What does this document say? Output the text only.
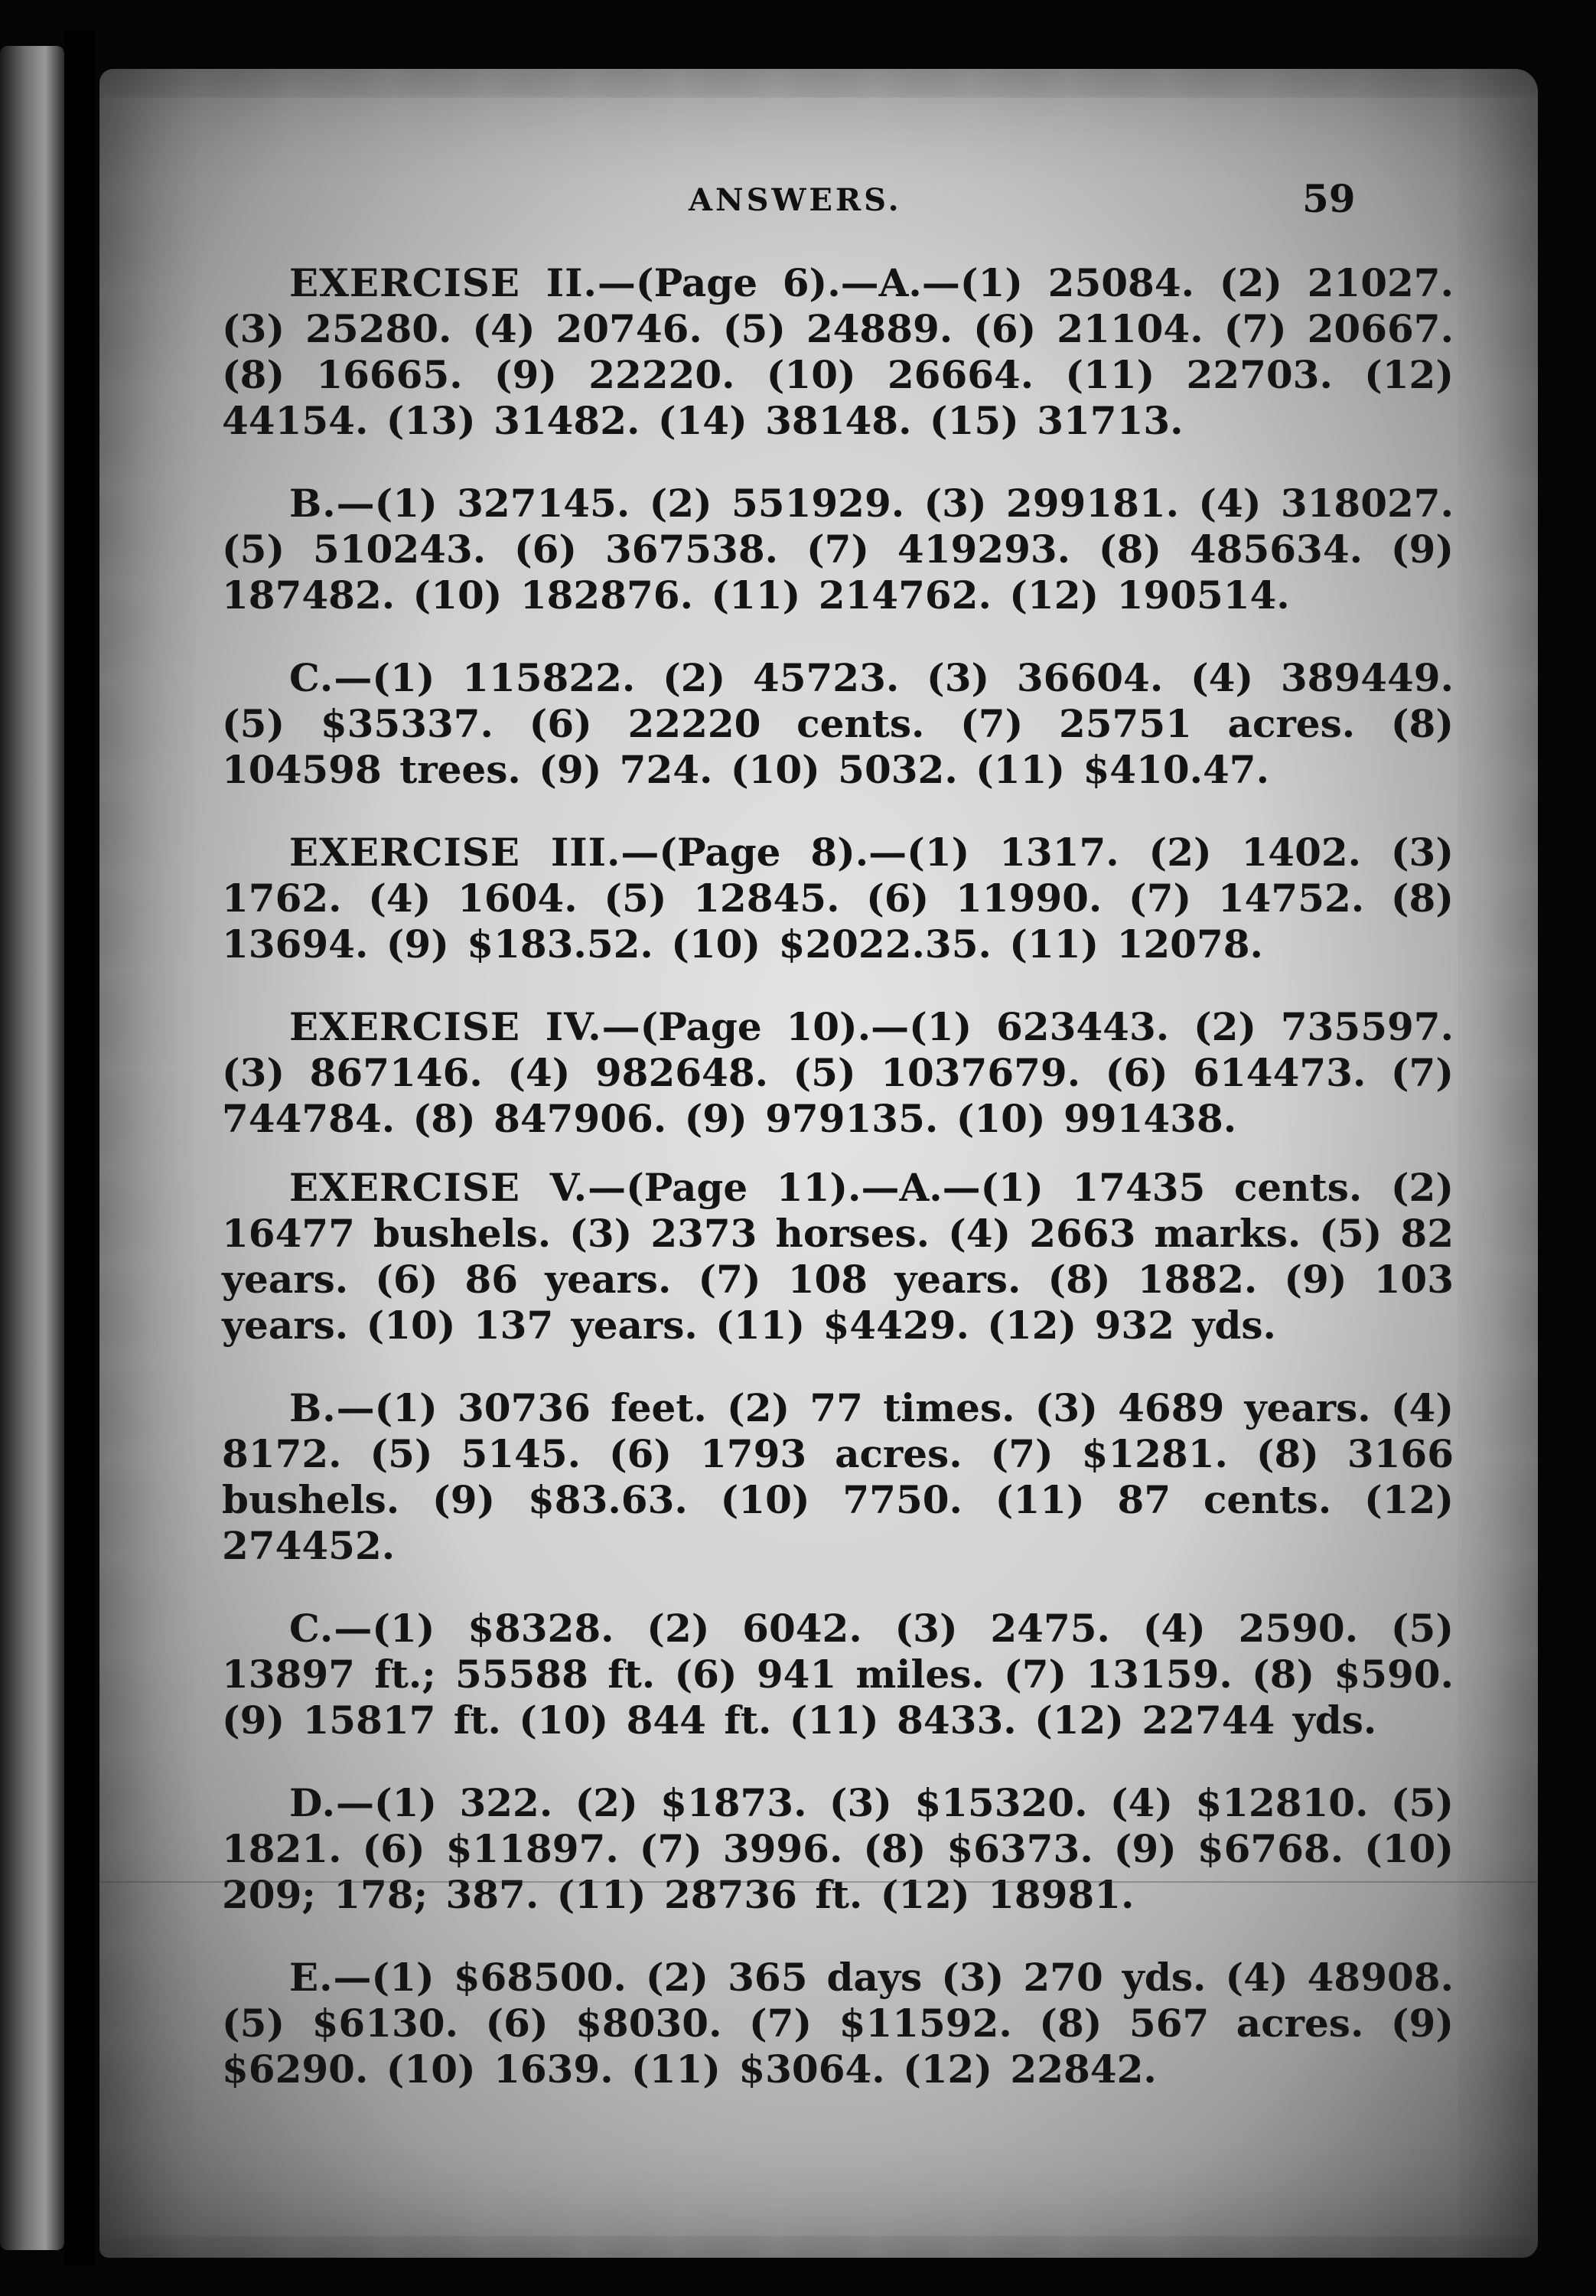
ANSWERS.	59

EXERCISE II.—(Page 6).—A.—(1) 25084. (2) 21027. (3) 25280. (4) 20746. (5) 24889. (6) 21104. (7) 20667. (8) 16665. (9) 22220. (10) 26664. (11) 22703. (12) 44154. (13) 31482. (14) 38148. (15) 31713.

B.—(1) 327145. (2) 551929. (3) 299181. (4) 318027. (5) 510243. (6) 367538. (7) 419293. (8) 485634. (9) 187482. (10) 182876. (11) 214762. (12) 190514.

C.—(1) 115822. (2) 45723. (3) 36604. (4) 389449. (5) $35337. (6) 22220 cents. (7) 25751 acres. (8) 104598 trees. (9) 724. (10) 5032. (11) $410.47.

EXERCISE III.—(Page 8).—(1) 1317. (2) 1402. (3) 1762. (4) 1604. (5) 12845. (6) 11990. (7) 14752. (8) 13694. (9) $183.52. (10) $2022.35. (11) 12078.

EXERCISE IV.—(Page 10).—(1) 623443. (2) 735597. (3) 867146. (4) 982648. (5) 1037679. (6) 614473. (7) 744784. (8) 847906. (9) 979135. (10) 991438.

EXERCISE V.—(Page 11).—A.—(1) 17435 cents. (2) 16477 bushels. (3) 2373 horses. (4) 2663 marks. (5) 82 years. (6) 86 years. (7) 108 years. (8) 1882. (9) 103 years. (10) 137 years. (11) $4429. (12) 932 yds.

B.—(1) 30736 feet. (2) 77 times. (3) 4689 years. (4) 8172. (5) 5145. (6) 1793 acres. (7) $1281. (8) 3166 bushels. (9) $83.63. (10) 7750. (11) 87 cents. (12) 274452.

C.—(1) $8328. (2) 6042. (3) 2475. (4) 2590. (5) 13897 ft.; 55588 ft. (6) 941 miles. (7) 13159. (8) $590. (9) 15817 ft. (10) 844 ft. (11) 8433. (12) 22744 yds.

D.—(1) 322. (2) $1873. (3) $15320. (4) $12810. (5) 1821. (6) $11897. (7) 3996. (8) $6373. (9) $6768. (10) 209; 178; 387. (11) 28736 ft. (12) 18981.

E.—(1) $68500. (2) 365 days (3) 270 yds. (4) 48908. (5) $6130. (6) $8030. (7) $11592. (8) 567 acres. (9) $6290. (10) 1639. (11) $3064. (12) 22842.
